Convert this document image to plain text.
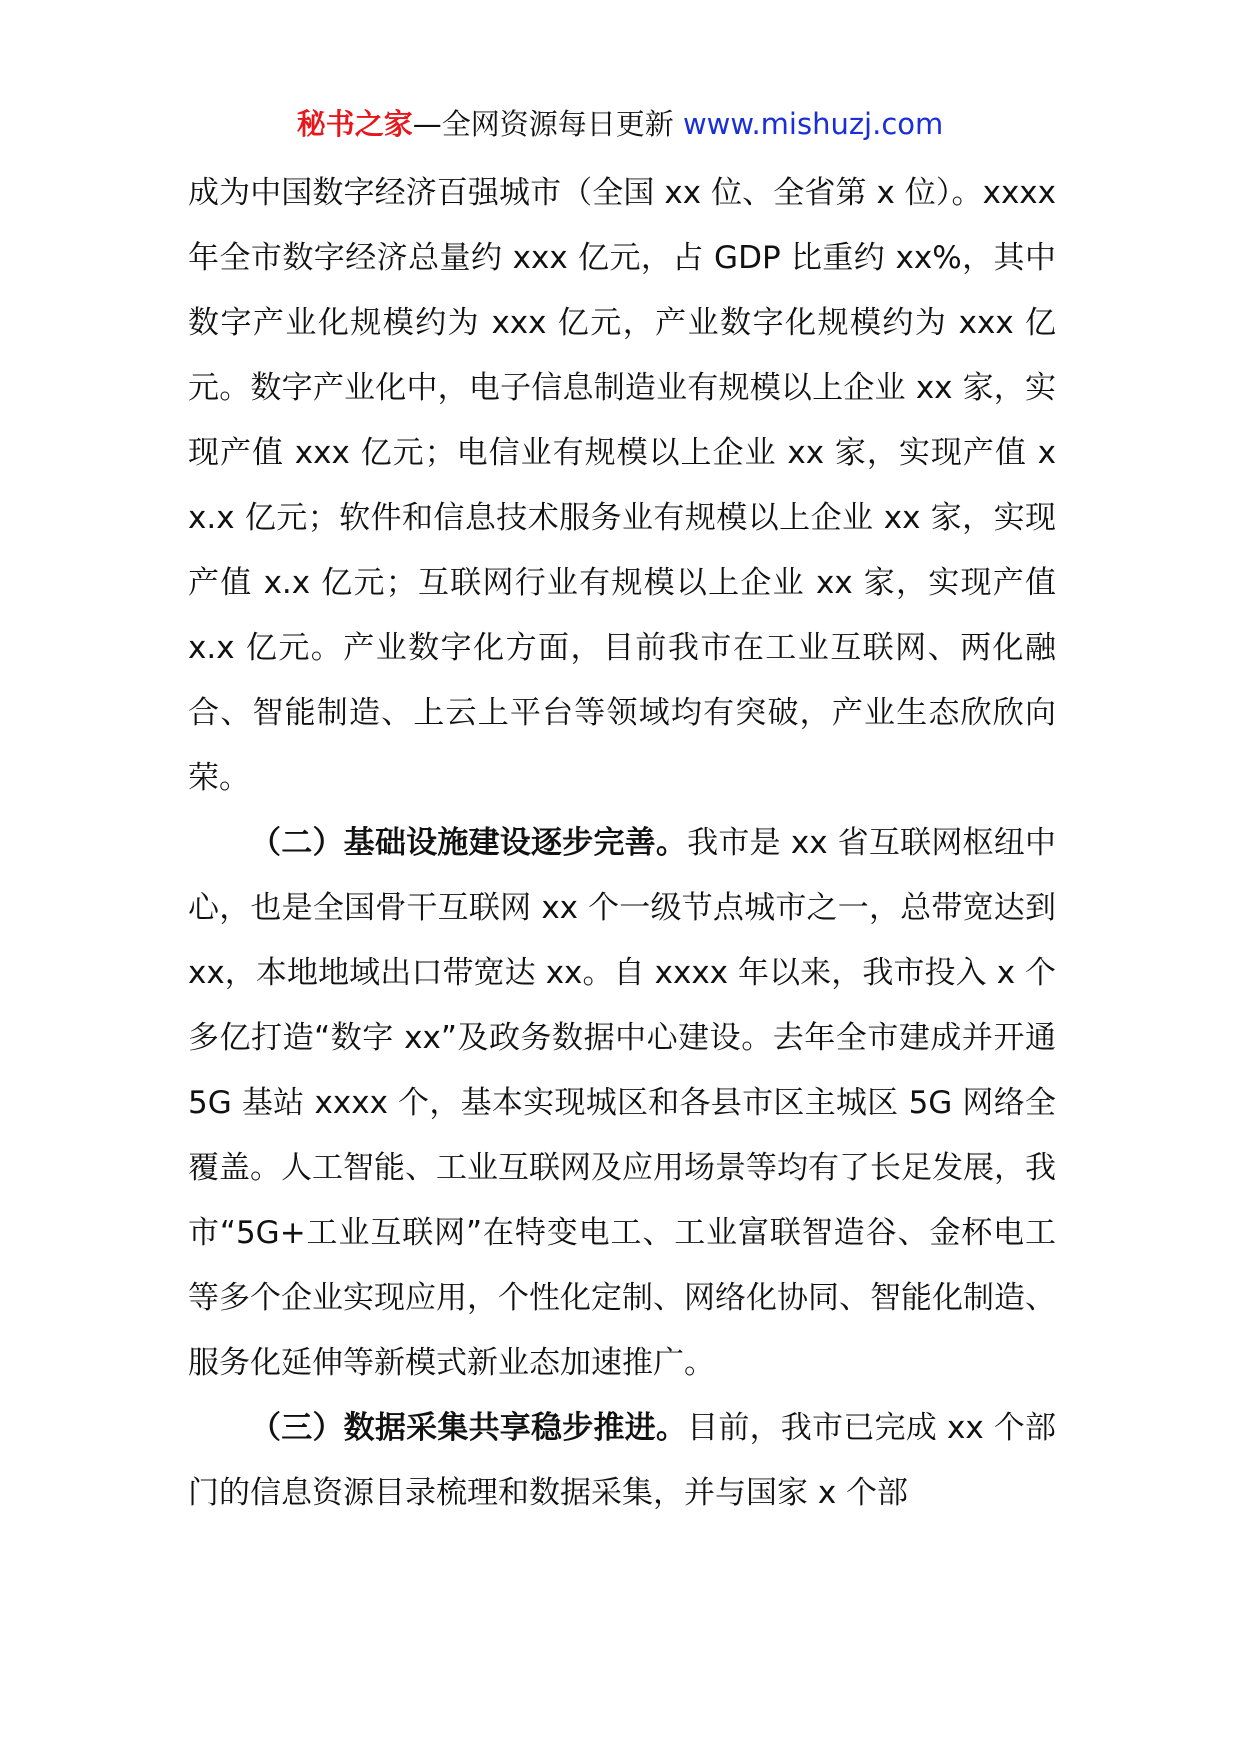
秘书之家—全网资源每日更新 www.mishuzj.com

成为中国数字经济百强城市（全国 xx 位、全省第 x 位）。xxxx 年全市数字经济总量约 xxx 亿元，占 GDP 比重约 xx%，其中数字产业化规模约为 xxx 亿元，产业数字化规模约为 xxx 亿元。数字产业化中，电子信息制造业有规模以上企业 xx 家，实现产值 xxx 亿元；电信业有规模以上企业 xx 家，实现产值 xx.x 亿元；软件和信息技术服务业有规模以上企业 xx 家，实现产值 x.x 亿元；互联网行业有规模以上企业 xx 家，实现产值 x.x 亿元。产业数字化方面，目前我市在工业互联网、两化融合、智能制造、上云上平台等领域均有突破，产业生态欣欣向荣。

（二）基础设施建设逐步完善。我市是 xx 省互联网枢纽中心，也是全国骨干互联网 xx 个一级节点城市之一，总带宽达到 xx，本地地域出口带宽达 xx。自 xxxx 年以来，我市投入 x 个多亿打造“数字 xx”及政务数据中心建设。去年全市建成并开通 5G 基站 xxxx 个，基本实现城区和各县市区主城区 5G 网络全覆盖。人工智能、工业互联网及应用场景等均有了长足发展，我市“5G+工业互联网”在特变电工、工业富联智造谷、金杯电工等多个企业实现应用，个性化定制、网络化协同、智能化制造、服务化延伸等新模式新业态加速推广。

（三）数据采集共享稳步推进。目前，我市已完成 xx 个部门的信息资源目录梳理和数据采集，并与国家 x 个部
